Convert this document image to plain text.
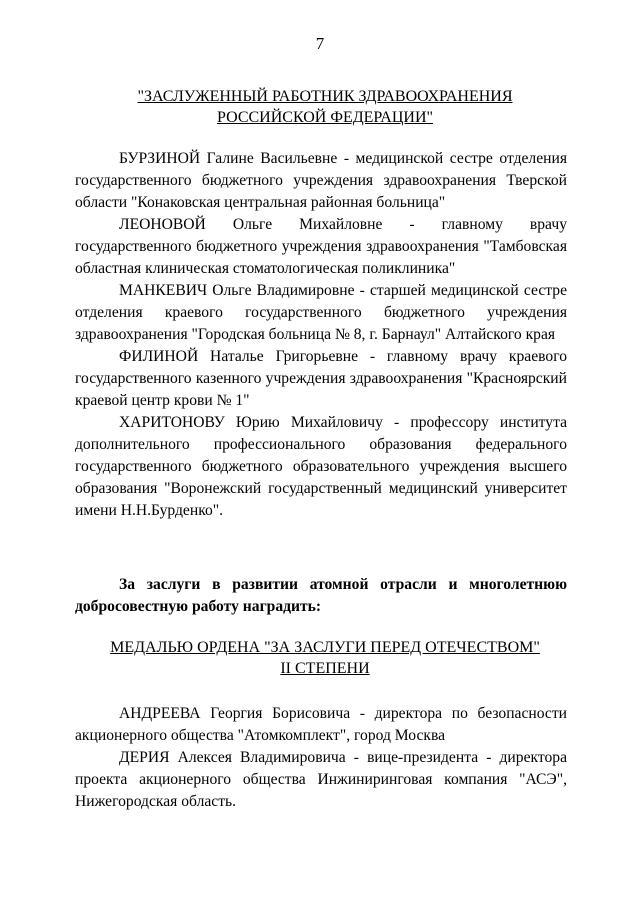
7
"ЗАСЛУЖЕННЫЙ РАБОТНИК ЗДРАВООХРАНЕНИЯ
РОССИЙСКОЙ ФЕДЕРАЦИИ"

БУРЗИНОЙ Галине Васильевне - медицинской сестре отделения государственного бюджетного учреждения здравоохранения Тверской области "Конаковская центральная районная больница"

ЛЕОНОВОЙ Ольге Михайловне - главному врачу государственного бюджетного учреждения здравоохранения "Тамбовская областная клиническая стоматологическая поликлиника"

МАНКЕВИЧ Ольге Владимировне - старшей медицинской сестре отделения краевого государственного бюджетного учреждения здравоохранения "Городская больница № 8, г. Барнаул" Алтайского края

ФИЛИНОЙ Наталье Григорьевне - главному врачу краевого государственного казенного учреждения здравоохранения "Красноярский краевой центр крови № 1"

ХАРИТОНОВУ Юрию Михайловичу - профессору института дополнительного профессионального образования федерального государственного бюджетного образовательного учреждения высшего образования "Воронежский государственный медицинский университет имени Н.Н.Бурденко".

За заслуги в развитии атомной отрасли и многолетнюю добросовестную работу наградить:

МЕДАЛЬЮ ОРДЕНА "ЗА ЗАСЛУГИ ПЕРЕД ОТЕЧЕСТВОМ"
II СТЕПЕНИ

АНДРЕЕВА Георгия Борисовича - директора по безопасности акционерного общества "Атомкомплект", город Москва

ДЕРИЯ Алексея Владимировича - вице-президента - директора проекта акционерного общества Инжиниринговая компания "АСЭ", Нижегородская область.
